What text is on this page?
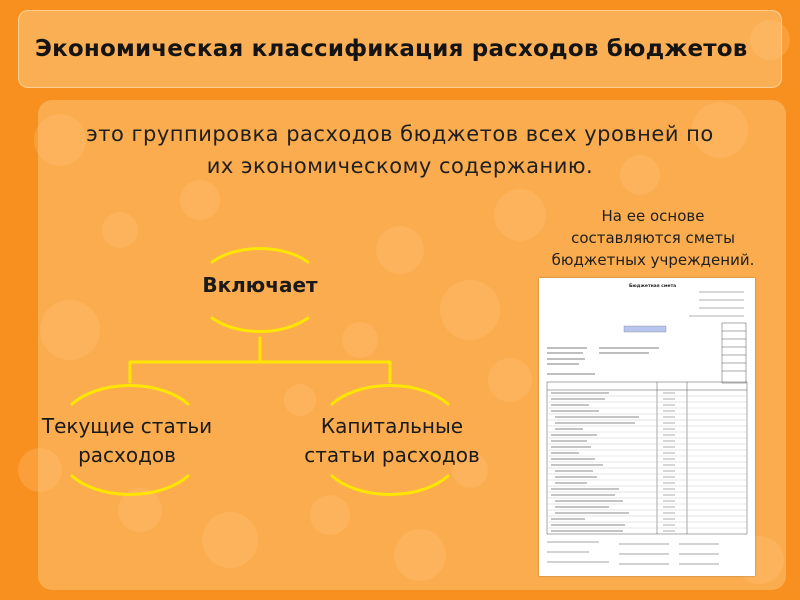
Экономическая классификация расходов бюджетов
это группировка расходов бюджетов всех уровней по
их экономическому содержанию.
На ее основе
составляются сметы
бюджетных учреждений.
Включает
Текущие статьи
расходов
Капитальные
статьи расходов
Бюджетная смета
